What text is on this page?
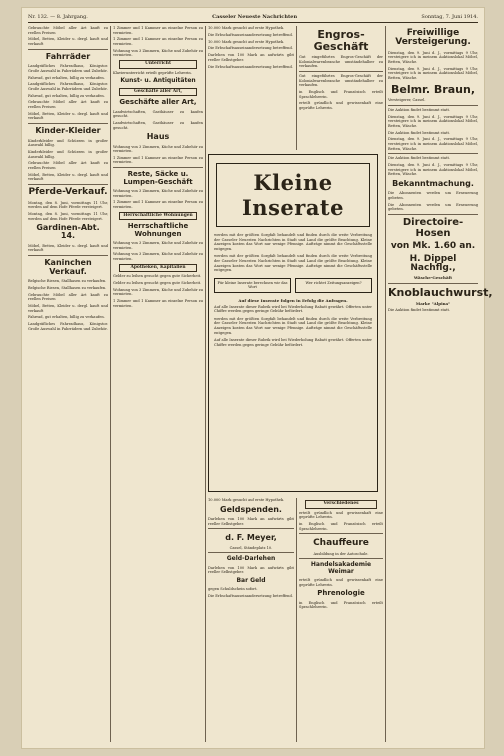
Nr. 132. — 8. Jahrgang.	Casseler Neueste Nachrichten	Sonntag, 7. Juni 1914.

Gebrauchte Möbel aller Art kauft zu reellen Preisen

Möbel, Betten, Kleider u. dergl. kauft und verkauft

Fahrräder

Landgräfliches Fahrradhaus, Königstor. Große Auswahl in Fahrrädern und Zubehör.

Fahrrad, gut erhalten, billig zu verkaufen.

Landgräfliches Fahrradhaus, Königstor. Große Auswahl in Fahrrädern und Zubehör.

Fahrrad, gut erhalten, billig zu verkaufen.

Gebrauchte Möbel aller Art kauft zu reellen Preisen

Möbel, Betten, Kleider u. dergl. kauft und verkauft

Kinder-Kleider

Kinderkleider und Schürzen in großer Auswahl billig.

Kinderkleider und Schürzen in großer Auswahl billig.

Gebrauchte Möbel aller Art kauft zu reellen Preisen

Möbel, Betten, Kleider u. dergl. kauft und verkauft

Pferde-Verkauf.

Montag, den 8. Juni, vormittags 11 Uhr, werden auf dem Hofe Pferde versteigert.

Montag, den 8. Juni, vormittags 11 Uhr, werden auf dem Hofe Pferde versteigert.

Gardinen-Abt. 14.

Möbel, Betten, Kleider u. dergl. kauft und verkauft

Kaninchen Verkauf.

Belgische Riesen, Stallhasen zu verkaufen.

Belgische Riesen, Stallhasen zu verkaufen.

Gebrauchte Möbel aller Art kauft zu reellen Preisen

Möbel, Betten, Kleider u. dergl. kauft und verkauft

Fahrrad, gut erhalten, billig zu verkaufen.

Landgräfliches Fahrradhaus, Königstor. Große Auswahl in Fahrrädern und Zubehör.

1 Zimmer und 1 Kammer an einzelne Person zu vermieten.

1 Zimmer und 1 Kammer an einzelne Person zu vermieten.

Wohnung von 3 Zimmern, Küche und Zubehör zu vermieten.

Unterricht

Klavierunterricht erteilt geprüfte Lehrerin.

Kunst- u. Antiquitäten
Geschäfte aller Art,
Geschäfte aller Art,

Landwirtschaften, Gasthäuser zu kaufen gesucht.

Landwirtschaften, Gasthäuser zu kaufen gesucht.

Haus

Wohnung von 3 Zimmern, Küche und Zubehör zu vermieten.

1 Zimmer und 1 Kammer an einzelne Person zu vermieten.

Reste, Säcke u. Lumpen-Geschäft

Wohnung von 3 Zimmern, Küche und Zubehör zu vermieten.

1 Zimmer und 1 Kammer an einzelne Person zu vermieten.

Herrschaftliche Wohnungen
Herrschaftliche Wohnungen

Wohnung von 3 Zimmern, Küche und Zubehör zu vermieten.

Wohnung von 3 Zimmern, Küche und Zubehör zu vermieten.

Apotheken, Kapitalien

Gelder zu leihen gesucht gegen gute Sicherheit.

Gelder zu leihen gesucht gegen gute Sicherheit.

Wohnung von 3 Zimmern, Küche und Zubehör zu vermieten.

1 Zimmer und 1 Kammer an einzelne Person zu vermieten.

10.000 Mark gesucht auf erste Hypothek.

Die Erbschaftsauseinandersetzung betreffend.

10.000 Mark gesucht auf erste Hypothek.

Die Erbschaftsauseinandersetzung betreffend.

Darlehen von 100 Mark an aufwärts gibt reeller Selbstgeber.

Die Erbschaftsauseinandersetzung betreffend.

10.000 Mark gesucht auf erste Hypothek.

Geldspenden.

Darlehen von 100 Mark an aufwärts gibt reeller Selbstgeber.

d. F. Meyer,
Cassel, Ständeplatz 10.
Geld-Darlehen

Darlehen von 100 Mark an aufwärts gibt reeller Selbstgeber.

Bar Geld

gegen Schuldschein sofort.

Die Erbschaftsauseinandersetzung betreffend.

Engros-Geschäft

Gut eingeführtes Engros-Geschäft der Kolonialwarenbranche umständehalber zu verkaufen.

Gut eingeführtes Engros-Geschäft der Kolonialwarenbranche umständehalber zu verkaufen.

in Englisch und Französisch erteilt Sprachlehrerin.

erteilt gründlich und gewissenhaft eine geprüfte Lehrerin.

Verschiedenes

erteilt gründlich und gewissenhaft eine geprüfte Lehrerin.

in Englisch und Französisch erteilt Sprachlehrerin.

Chauffeure
Ausbildung in der Autoschule.
Handelsakademie Weimar

erteilt gründlich und gewissenhaft eine geprüfte Lehrerin.

Phrenologie

in Englisch und Französisch erteilt Sprachlehrerin.

Freiwillige Versteigerung.

Dienstag, den 9. Juni d. J., vormittags 9 Uhr, versteigere ich in meinem Auktionslokal Möbel, Betten, Wäsche.

Dienstag, den 9. Juni d. J., vormittags 9 Uhr, versteigere ich in meinem Auktionslokal Möbel, Betten, Wäsche.

Belmr. Braun,

Versteigerer, Cassel.

Die Auktion findet bestimmt statt.

Dienstag, den 9. Juni d. J., vormittags 9 Uhr, versteigere ich in meinem Auktionslokal Möbel, Betten, Wäsche.

Die Auktion findet bestimmt statt.

Dienstag, den 9. Juni d. J., vormittags 9 Uhr, versteigere ich in meinem Auktionslokal Möbel, Betten, Wäsche.

Die Auktion findet bestimmt statt.

Dienstag, den 9. Juni d. J., vormittags 9 Uhr, versteigere ich in meinem Auktionslokal Möbel, Betten, Wäsche.

Bekanntmachung.

Die Abonnenten werden um Erneuerung gebeten.

Die Abonnenten werden um Erneuerung gebeten.

Directoire-Hosen
von Mk. 1.60 an.
H. Dippel Nachflg.,
Wäsche-Geschäft
Knoblauchwurst,
Marke "Alpina"

Die Auktion findet bestimmt statt.

Kleine Inserate
werden mit der größten Sorgfalt behandelt und finden durch die weite Verbreitung der Casseler Neuesten Nachrichten in Stadt und Land die größte Beachtung. Kleine Anzeigen kosten das Wort nur wenige Pfennige. Aufträge nimmt die Geschäftsstelle entgegen.
werden mit der größten Sorgfalt behandelt und finden durch die weite Verbreitung der Casseler Neuesten Nachrichten in Stadt und Land die größte Beachtung. Kleine Anzeigen kosten das Wort nur wenige Pfennige. Aufträge nimmt die Geschäftsstelle entgegen.
Für kleine Inserate berechnen wir das Wort
Wer richtet Zeitungsanzeigen?
Auf diese Inserate folgen in Erfolg die Anfragen.
Auf alle Inserate dieser Rubrik wird bei Wiederholung Rabatt gewährt. Offerten unter Chiffre werden gegen geringe Gebühr befördert.
werden mit der größten Sorgfalt behandelt und finden durch die weite Verbreitung der Casseler Neuesten Nachrichten in Stadt und Land die größte Beachtung. Kleine Anzeigen kosten das Wort nur wenige Pfennige. Aufträge nimmt die Geschäftsstelle entgegen.
Auf alle Inserate dieser Rubrik wird bei Wiederholung Rabatt gewährt. Offerten unter Chiffre werden gegen geringe Gebühr befördert.
